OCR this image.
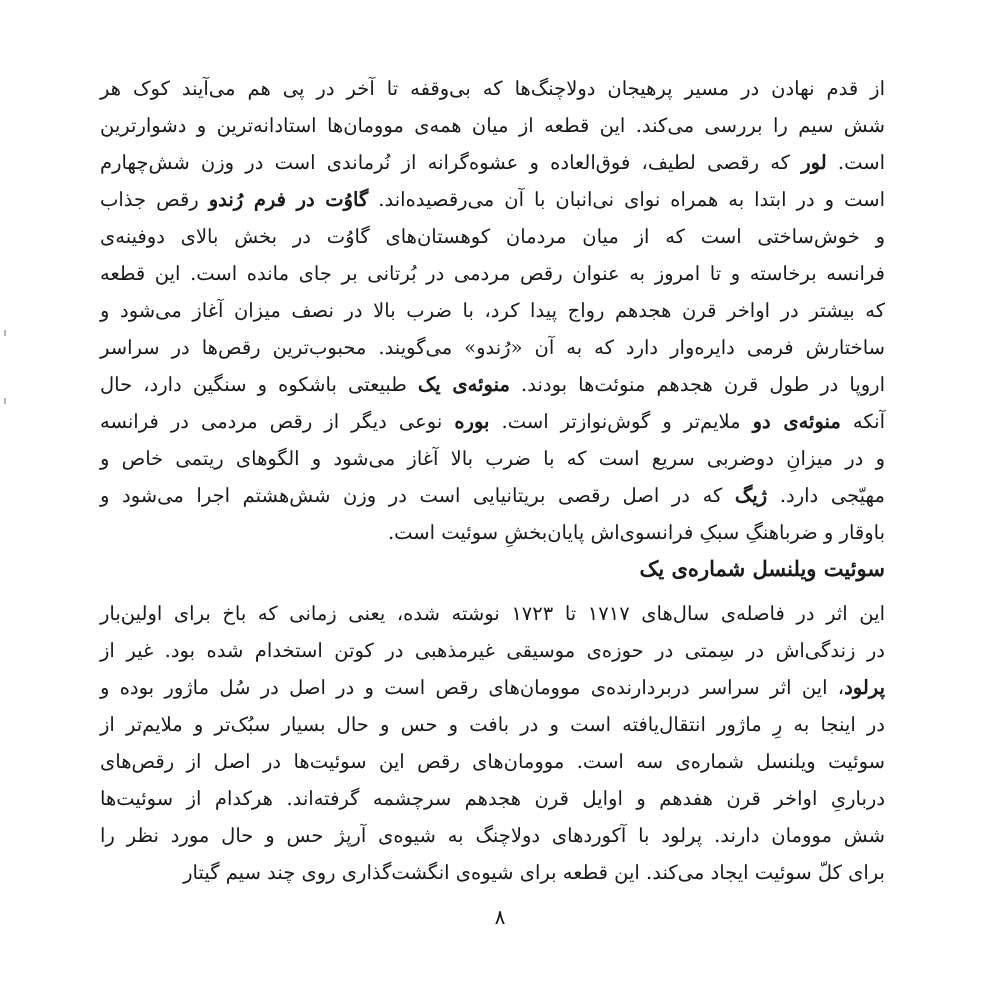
از قدم نهادن در مسیر پرهیجان دولاچنگ‌ها که بی‌وقفه تا آخر در پی هم می‌آیند کوک هر
شش سیم را بررسی می‌کند. این قطعه از میان همه‌ی موومان‌ها استادانه‌ترین و دشوارترین
است. لور که رقصی لطیف، فوق‌العاده و عشوه‌گرانه از نُرماندی است در وزن شش‌چهارم
است و در ابتدا به همراه نوای نی‌انبان با آن می‌رقصیده‌اند. گاوُت در فرم رُندو رقص جذاب
و خوش‌ساختی است که از میان مردمان کوهستان‌های گاوُت در بخش بالای دوفینه‌ی
فرانسه برخاسته و تا امروز به عنوان رقص مردمی در بُرتانی بر جای مانده است. این قطعه
که بیشتر در اواخر قرن هجدهم رواج پیدا کرد، با ضرب بالا در نصف میزان آغاز می‌شود و
ساختارش فرمی دایره‌وار دارد که به آن «رُندو» می‌گویند. محبوب‌ترین رقص‌ها در سراسر
اروپا در طول قرن هجدهم منوئت‌ها بودند. منوئه‌ی یک طبیعتی باشکوه و سنگین دارد، حال
آنکه منوئه‌ی دو ملایم‌تر و گوش‌نوازتر است. بوره نوعی دیگر از رقص مردمی در فرانسه
و در میزانِ دوضربی سریع است که با ضرب بالا آغاز می‌شود و الگوهای ریتمی خاص و
مهیّجی دارد. ژیگ که در اصل رقصی بریتانیایی است در وزن شش‌هشتم اجرا می‌شود و
باوقار و ضرباهنگِ سبکِ فرانسوی‌اش پایان‌بخشِ سوئیت است.
سوئیت ویلنسل شماره‌ی یک
این اثر در فاصله‌ی سال‌های ۱۷۱۷ تا ۱۷۲۳ نوشته شده، یعنی زمانی که باخ برای اولین‌بار
در زندگی‌اش در سِمتی در حوزه‌ی موسیقی غیرمذهبی در کوتن استخدام شده بود. غیر از
پرلود، این اثر سراسر دربردارنده‌ی موومان‌های رقص است و در اصل در سُل ماژور بوده و
در اینجا به رِ ماژور انتقال‌یافته است و در بافت و حس و حال بسیار سبُک‌تر و ملایم‌تر از
سوئیت ویلنسل شماره‌ی سه است. موومان‌های رقص این سوئیت‌ها در اصل از رقص‌های
درباریِ اواخر قرن هفدهم و اوایل قرن هجدهم سرچشمه گرفته‌اند. هرکدام از سوئیت‌ها
شش موومان دارند. پرلود با آکوردهای دولاچنگ به شیوه‌ی آرپژ حس و حال مورد نظر را
برای کلّ سوئیت ایجاد می‌کند. این قطعه برای شیوه‌ی انگشت‌گذاری روی چند سیم گیتار
۸
